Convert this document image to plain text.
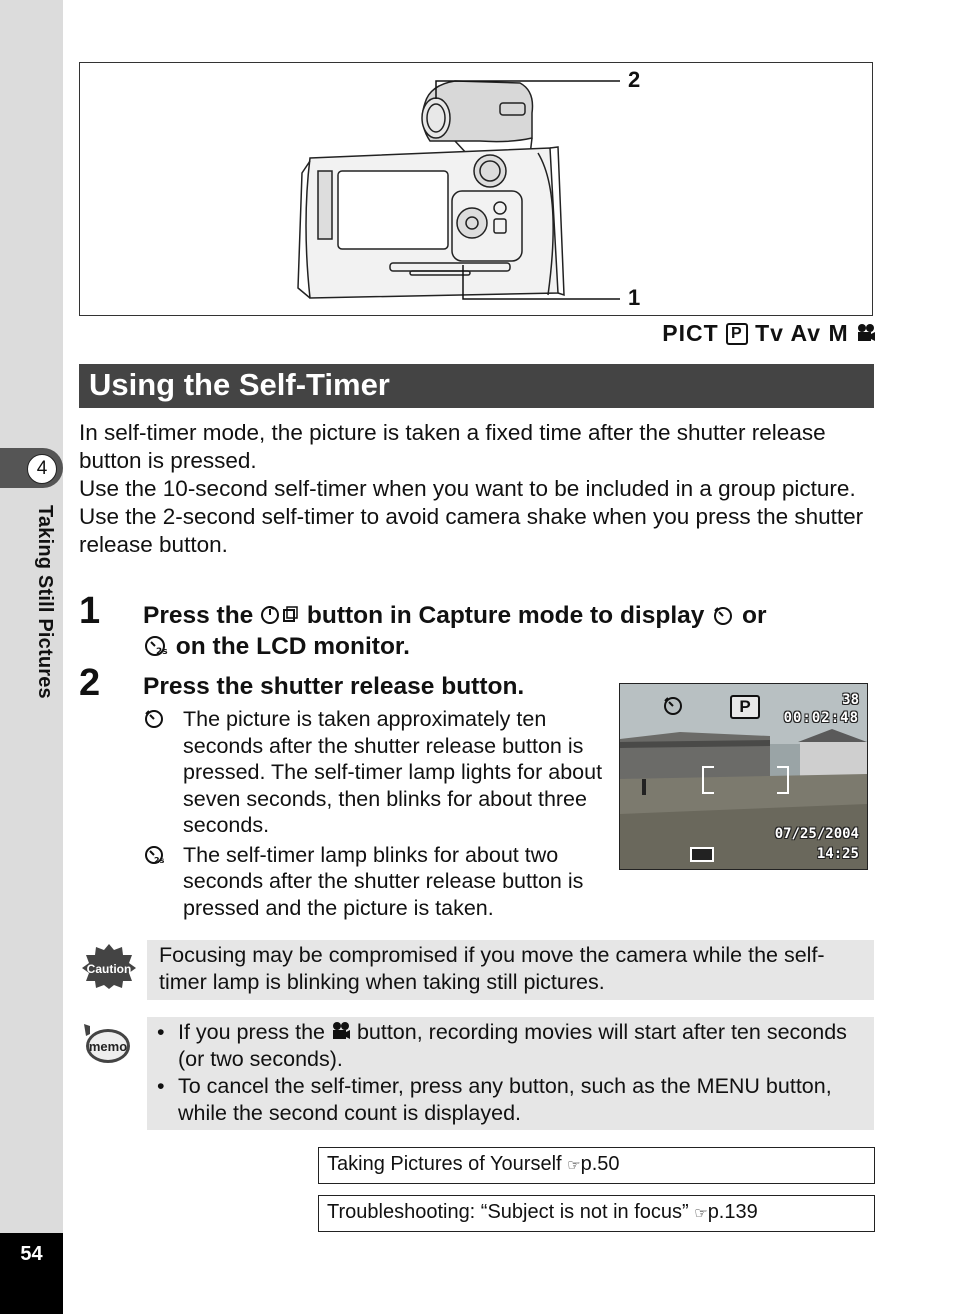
4
Taking Still Pictures
54
2
1
PICT P Tv Av M
Using the Self-Timer

In self-timer mode, the picture is taken a fixed time after the shutter release button is pressed.

Use the 10-second self-timer when you want to be included in a group picture.

Use the 2-second self-timer to avoid camera shake when you press the shutter release button.

1 Press the  button in Capture mode to display  or

2s on the LCD monitor.
2 Press the shutter release button.
The picture is taken approximately ten seconds after the shutter release button is pressed. The self-timer lamp lights for about seven seconds, then blinks for about three seconds.
2s The self-timer lamp blinks for about two seconds after the shutter release button is pressed and the picture is taken.
P	38
00:02:48
07/25/2004
14:25
Caution
Focusing may be compromised if you move the camera while the self-timer lamp is blinking when taking still pictures.
memo
• If you press the  button, recording movies will start after ten seconds (or two seconds).
• To cancel the self-timer, press any button, such as the MENU button, while the second count is displayed.
Taking Pictures of Yourself ☞p.50
Troubleshooting: “Subject is not in focus” ☞p.139
